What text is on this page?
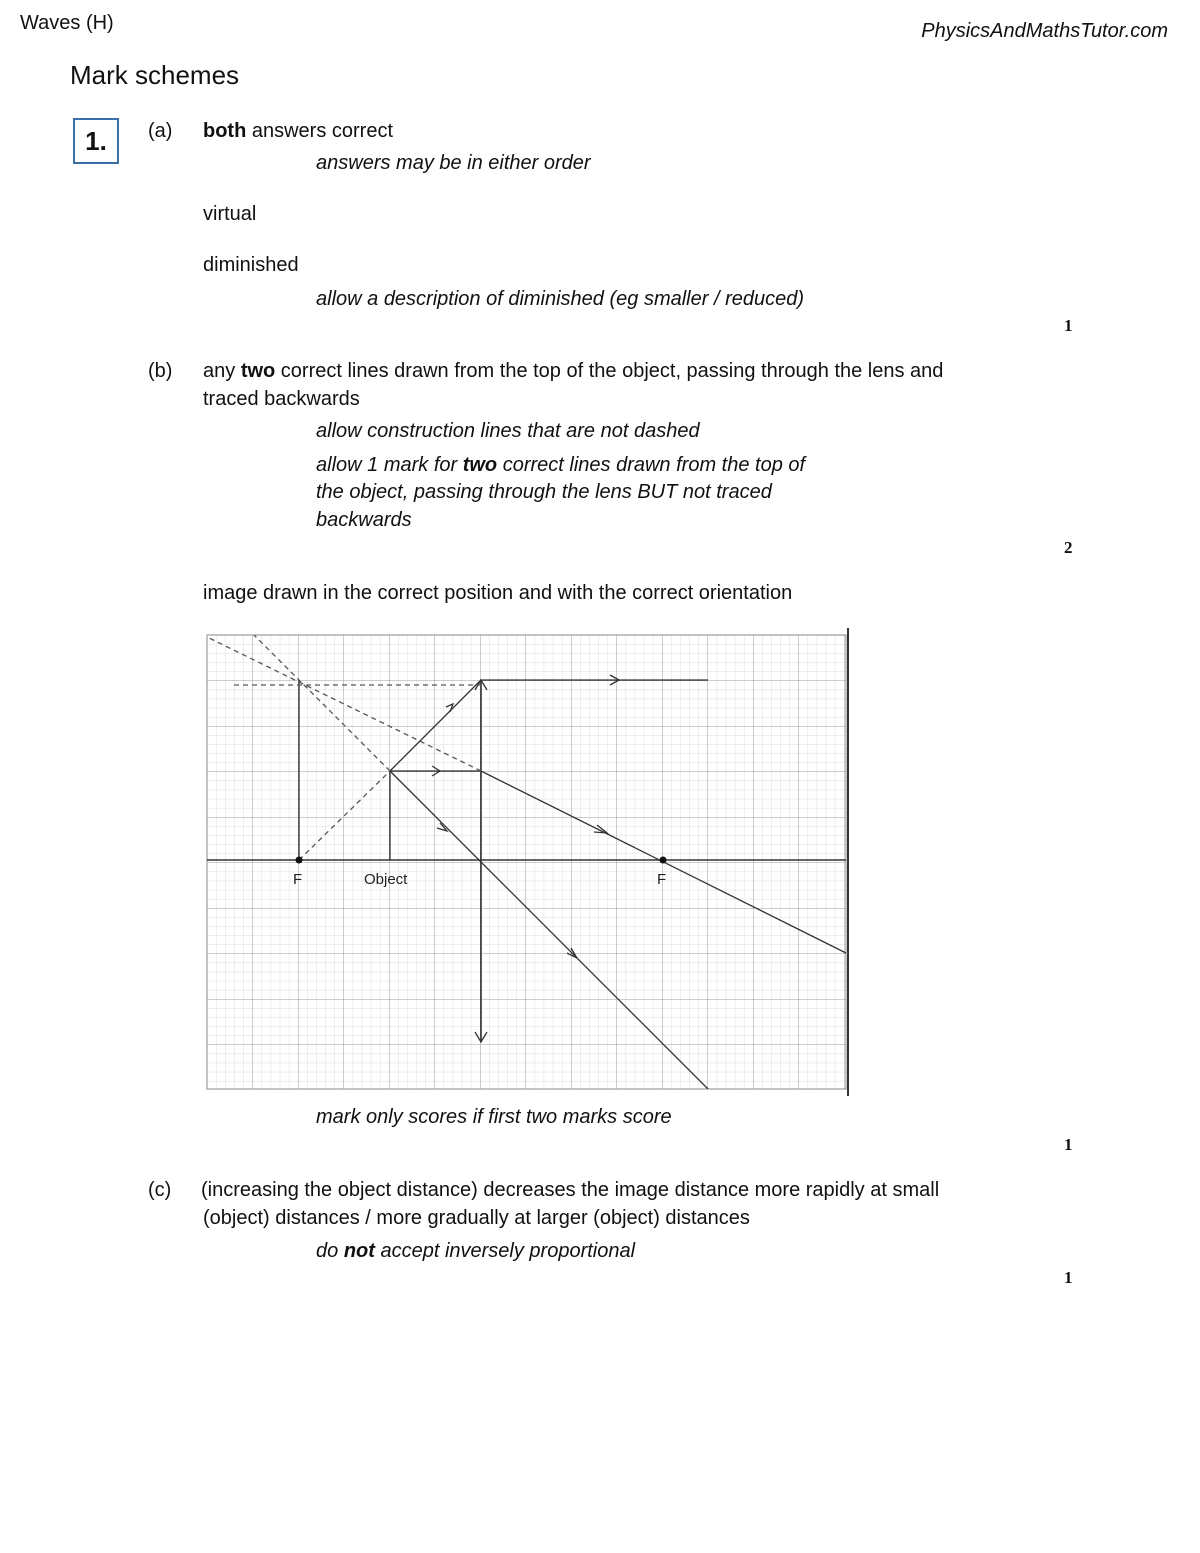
Waves (H)	PhysicsAndMathsTutor.com
Mark schemes
1. (a) both answers correct
answers may be in either order
virtual
diminished
allow a description of diminished (eg smaller / reduced)
1
(b) any two correct lines drawn from the top of the object, passing through the lens and
traced backwards
allow construction lines that are not dashed
allow 1 mark for two correct lines drawn from the top of
the object, passing through the lens BUT not traced
backwards
2
image drawn in the correct position and with the correct orientation
F	Object	F
mark only scores if first two marks score
1
(c) (increasing the object distance) decreases the image distance more rapidly at small
(object) distances / more gradually at larger (object) distances
do not accept inversely proportional
1
